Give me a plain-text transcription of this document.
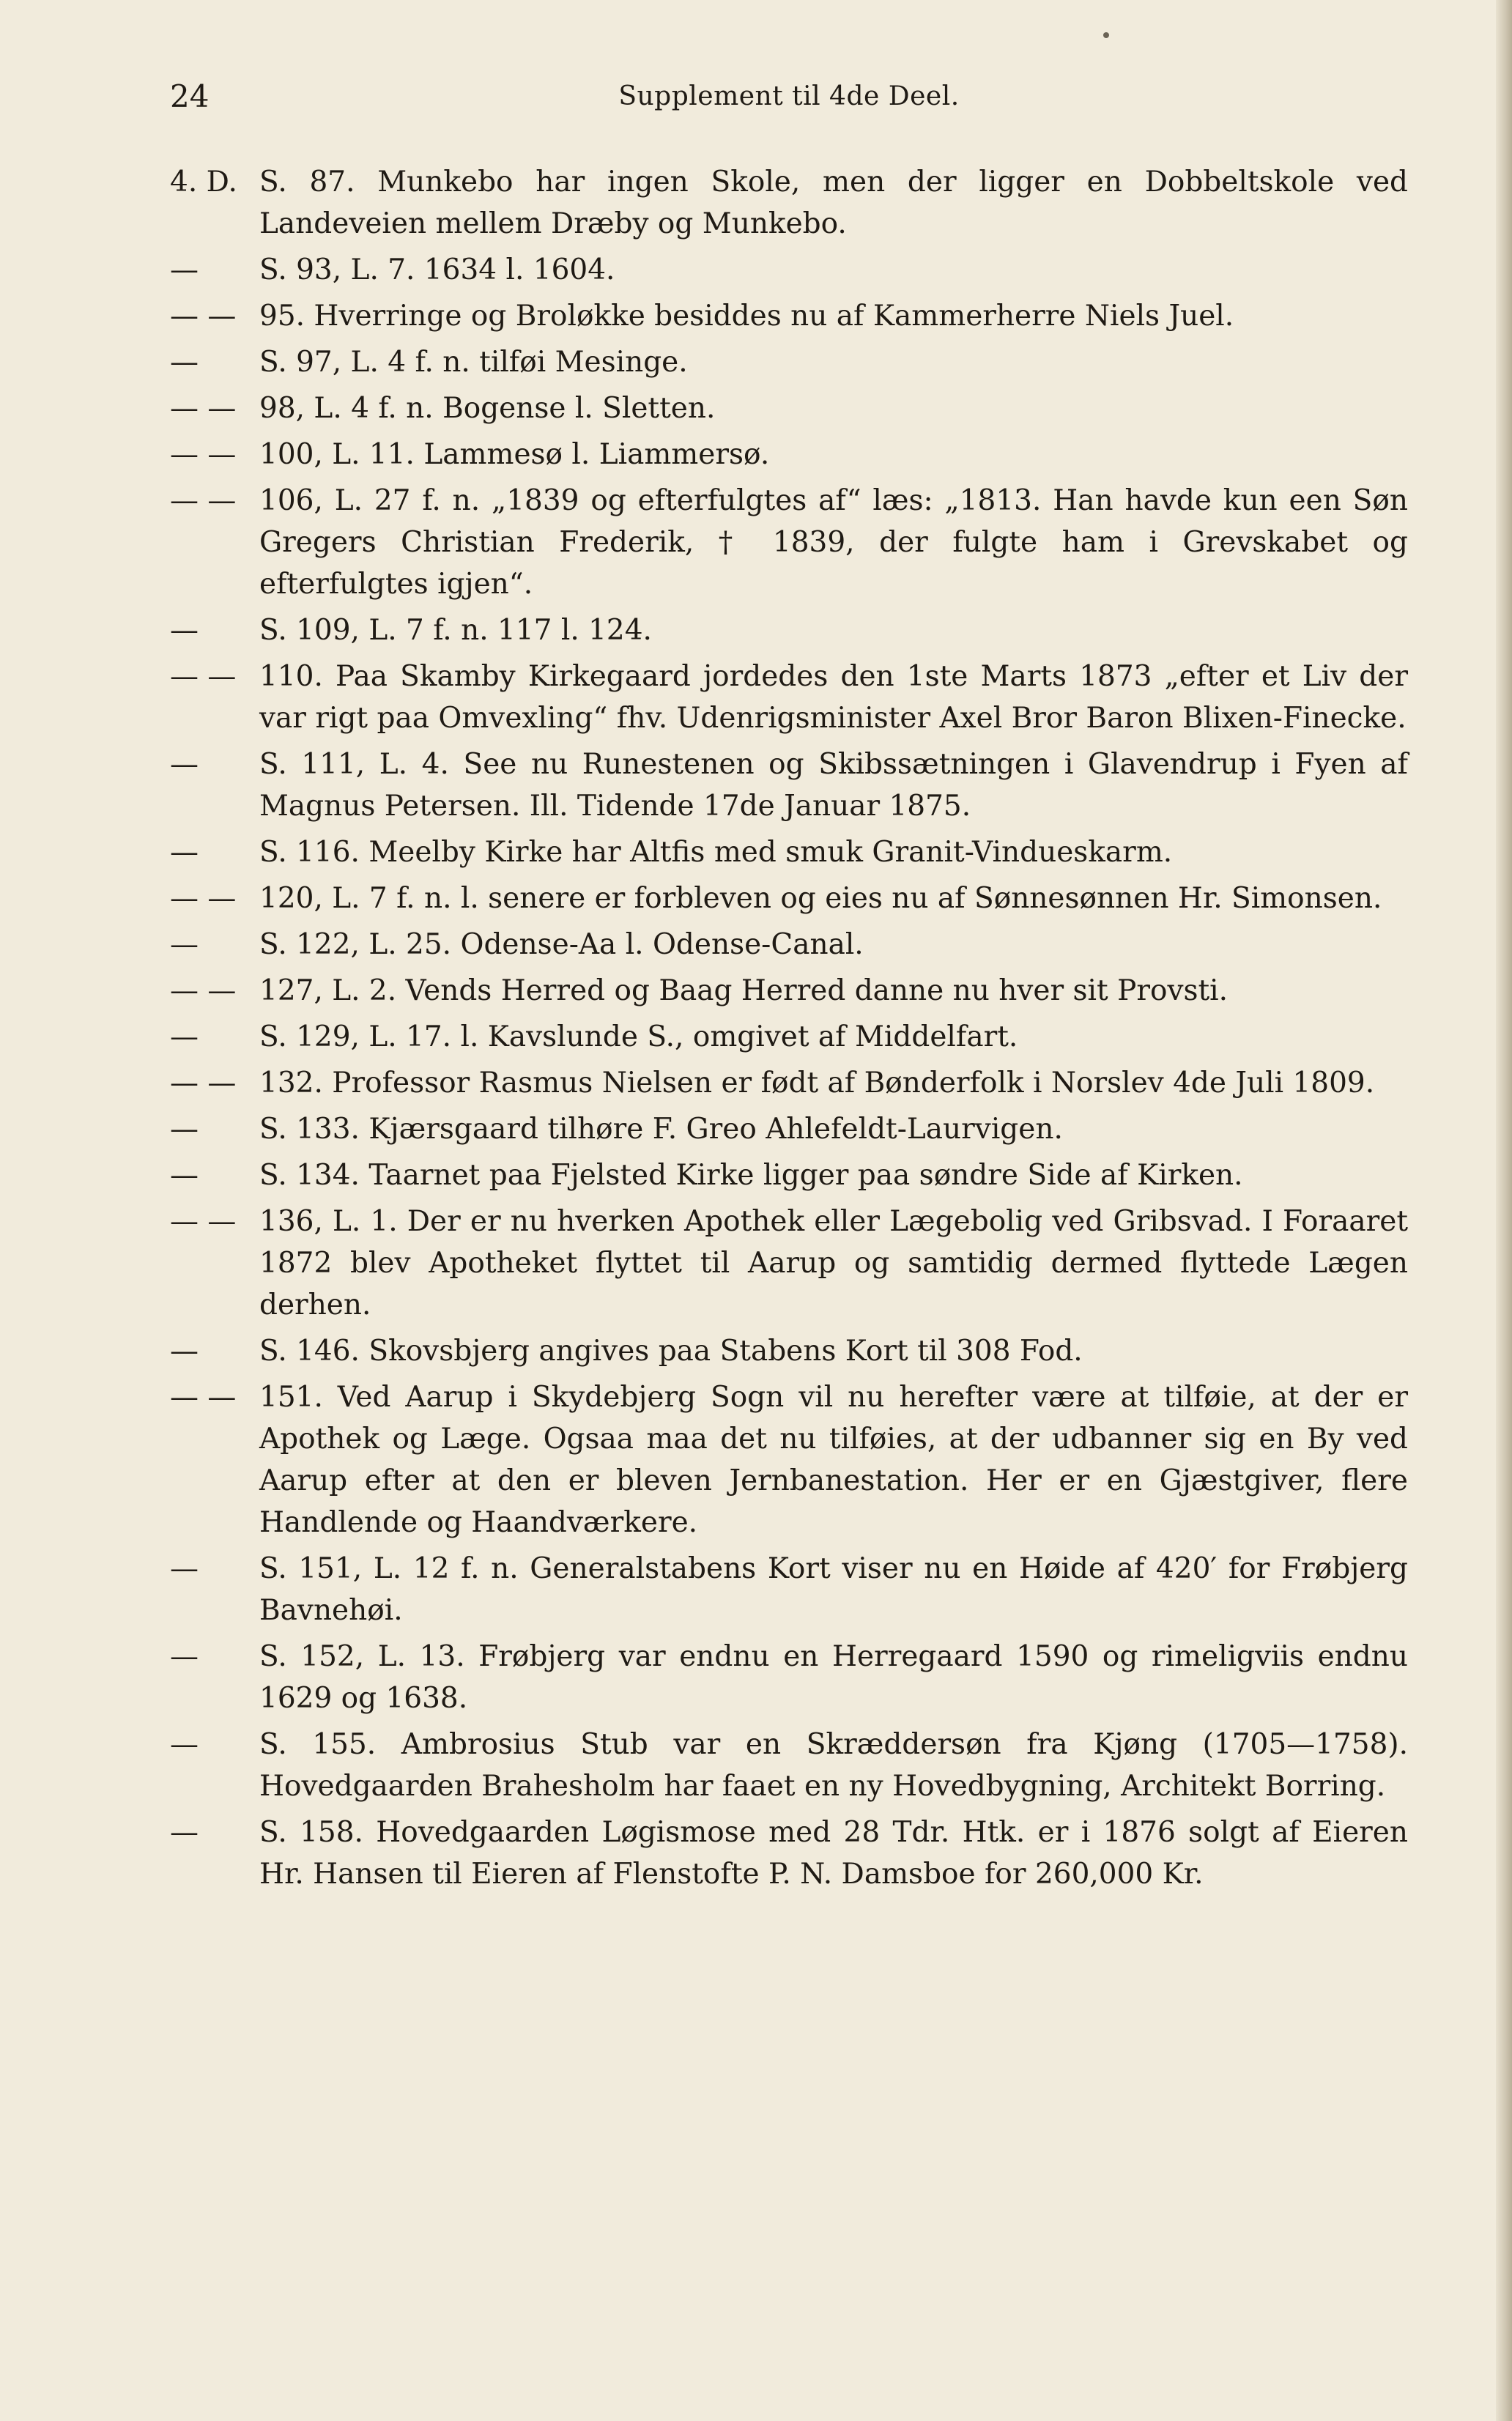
24	Supplement til 4de Deel.
4. D. S. 87. Munkebo har ingen Skole, men der ligger en Dobbeltskole ved Landeveien mellem Dræby og Munkebo.
— S. 93, L. 7. 1634 l. 1604.
— — 95. Hverringe og Broløkke besiddes nu af Kammerherre Niels Juel.
— S. 97, L. 4 f. n. tilføi Mesinge.
— — 98, L. 4 f. n. Bogense l. Sletten.
— — 100, L. 11. Lammesø l. Liammersø.
— — 106, L. 27 f. n. „1839 og efterfulgtes af“ læs: „1813. Han havde kun een Søn Gregers Christian Frederik, † 1839, der fulgte ham i Grevskabet og efterfulgtes igjen“.
— S. 109, L. 7 f. n. 117 l. 124.
— — 110. Paa Skamby Kirkegaard jordedes den 1ste Marts 1873 „efter et Liv der var rigt paa Omvexling“ fhv. Udenrigsminister Axel Bror Baron Blixen-Finecke.
— S. 111, L. 4. See nu Runestenen og Skibssætningen i Glavendrup i Fyen af Magnus Petersen. Ill. Tidende 17de Januar 1875.
— S. 116. Meelby Kirke har Altfis med smuk Granit-Vindueskarm.
— — 120, L. 7 f. n. l. senere er forbleven og eies nu af Sønnesønnen Hr. Simonsen.
— S. 122, L. 25. Odense-Aa l. Odense-Canal.
— — 127, L. 2. Vends Herred og Baag Herred danne nu hver sit Provsti.
— S. 129, L. 17. l. Kavslunde S., omgivet af Middelfart.
— — 132. Professor Rasmus Nielsen er født af Bønderfolk i Norslev 4de Juli 1809.
— S. 133. Kjærsgaard tilhøre F. Greo Ahlefeldt-Laurvigen.
— S. 134. Taarnet paa Fjelsted Kirke ligger paa søndre Side af Kirken.
— — 136, L. 1. Der er nu hverken Apothek eller Lægebolig ved Gribsvad. I Foraaret 1872 blev Apotheket flyttet til Aarup og samtidig dermed flyttede Lægen derhen.
— S. 146. Skovsbjerg angives paa Stabens Kort til 308 Fod.
— — 151. Ved Aarup i Skydebjerg Sogn vil nu herefter være at tilføie, at der er Apothek og Læge. Ogsaa maa det nu tilføies, at der udbanner sig en By ved Aarup efter at den er bleven Jernbanestation. Her er en Gjæstgiver, flere Handlende og Haandværkere.
— S. 151, L. 12 f. n. Generalstabens Kort viser nu en Høide af 420′ for Frøbjerg Bavnehøi.
— S. 152, L. 13. Frøbjerg var endnu en Herregaard 1590 og rimeligviis endnu 1629 og 1638.
— S. 155. Ambrosius Stub var en Skræddersøn fra Kjøng (1705—1758). Hovedgaarden Brahesholm har faaet en ny Hovedbygning, Architekt Borring.
— S. 158. Hovedgaarden Løgismose med 28 Tdr. Htk. er i 1876 solgt af Eieren Hr. Hansen til Eieren af Flenstofte P. N. Damsboe for 260,000 Kr.
